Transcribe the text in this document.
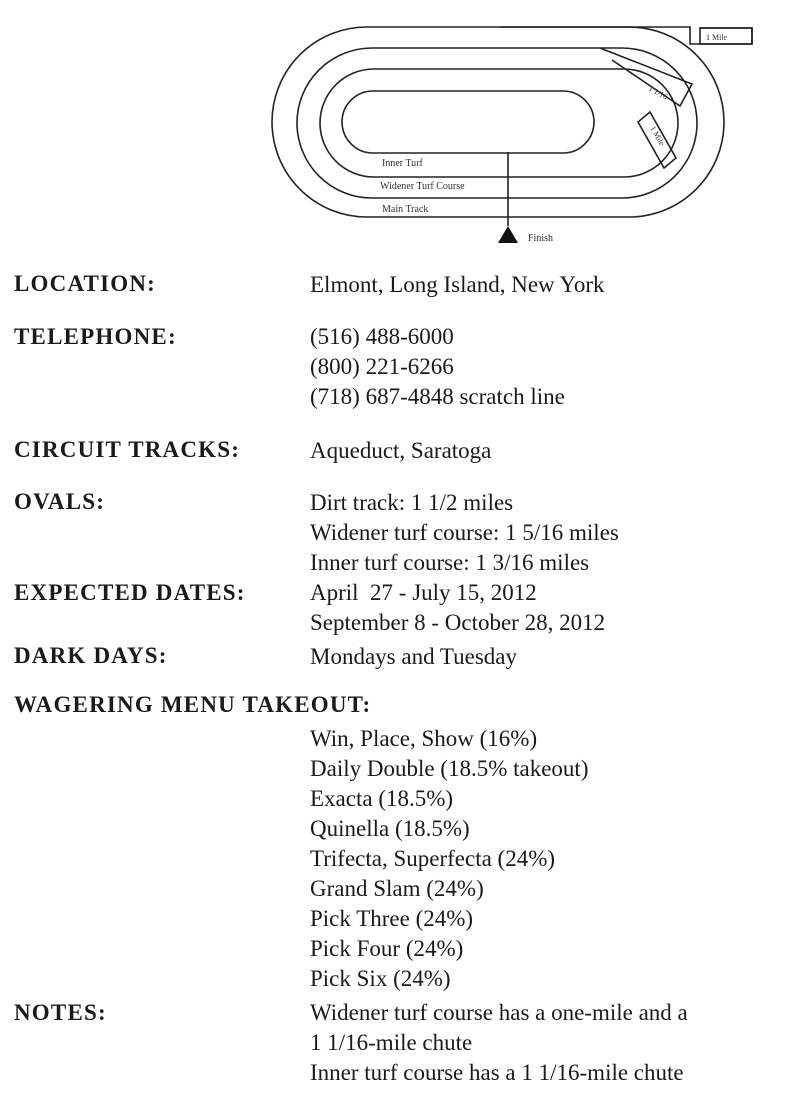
Inner Turf
Widener Turf Course
Main Track
Finish
1 Mile
1 1/16
1 Mile
LOCATION:	Elmont, Long Island, New York
TELEPHONE:	(516) 488-6000
(800) 221-6266
(718) 687-4848 scratch line
CIRCUIT TRACKS:	Aqueduct, Saratoga
OVALS:	Dirt track: 1 1/2 miles
Widener turf course: 1 5/16 miles
Inner turf course: 1 3/16 miles
EXPECTED DATES:	April  27 - July 15, 2012
September 8 - October 28, 2012
DARK DAYS:	Mondays and Tuesday
WAGERING MENU TAKEOUT:
Win, Place, Show (16%)
Daily Double (18.5% takeout)
Exacta (18.5%)
Quinella (18.5%)
Trifecta, Superfecta (24%)
Grand Slam (24%)
Pick Three (24%)
Pick Four (24%)
Pick Six (24%)
NOTES:	Widener turf course has a one-mile and a
1 1/16-mile chute
Inner turf course has a 1 1/16-mile chute
